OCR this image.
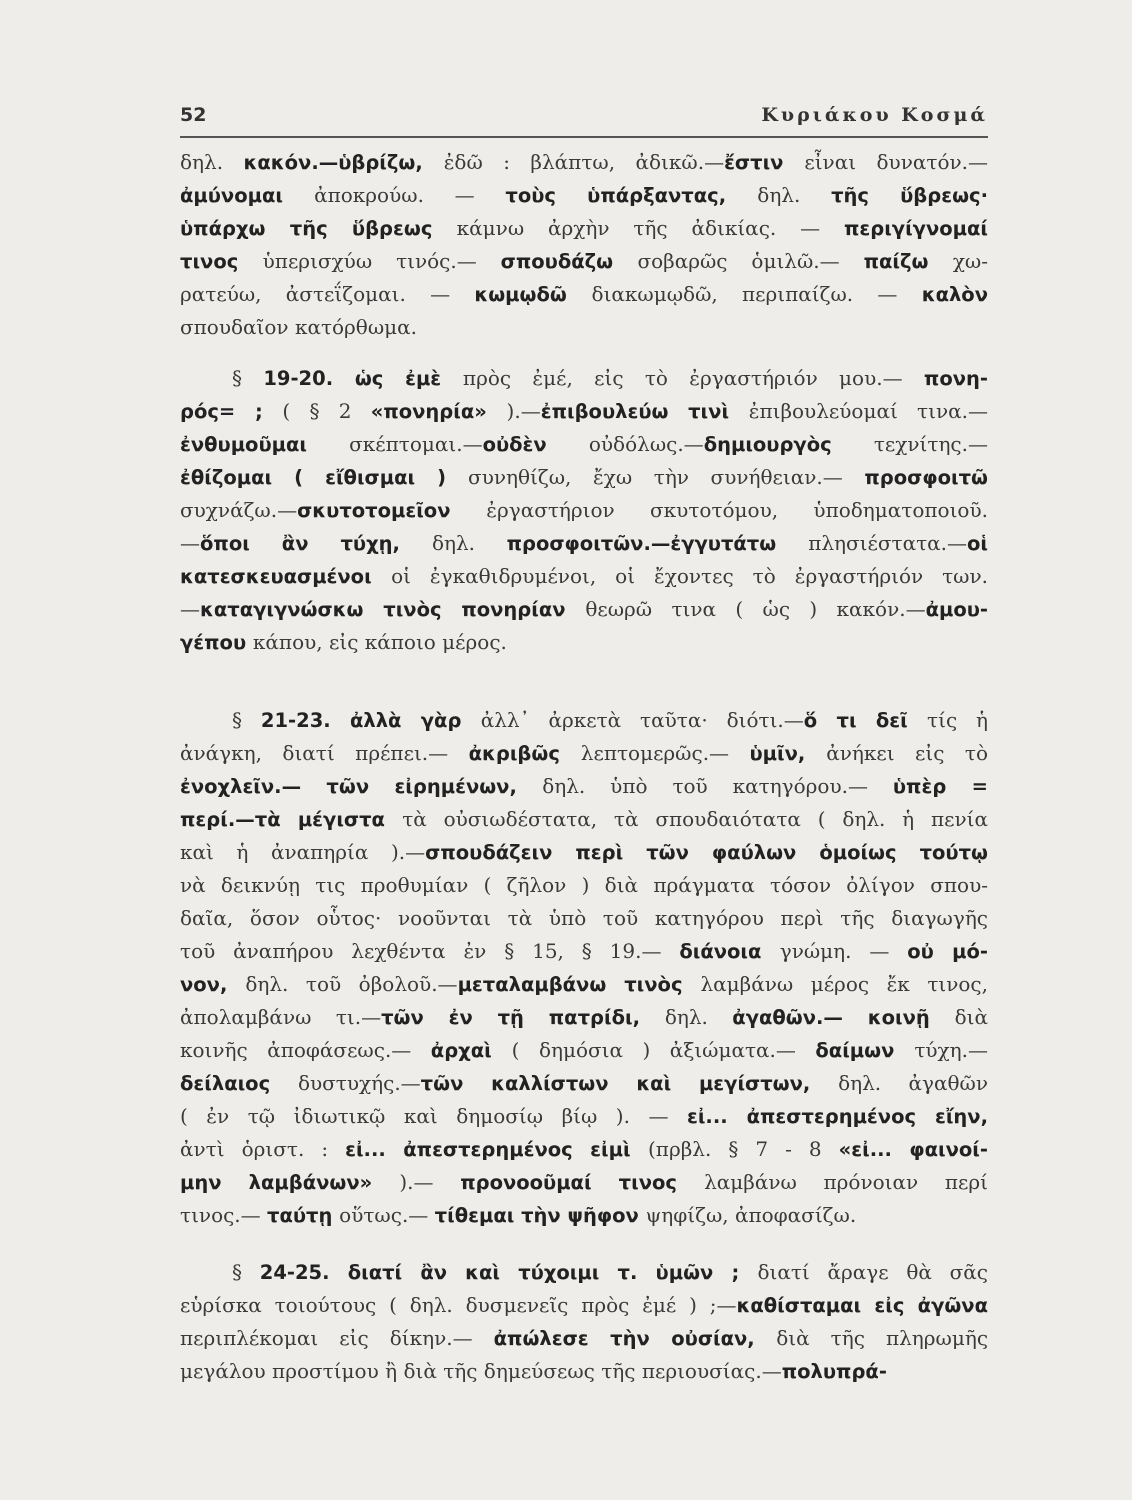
52	Κυριάκου Κοσμά
δηλ. κακόν.—ὑβρίζω, ἐδῶ : βλάπτω, ἀδικῶ.—ἔστιν εἶναι δυνατόν.—
ἀμύνομαι ἀποκρούω. — τοὺς ὑπάρξαντας, δηλ. τῆς ὕβρεως·
ὑπάρχω τῆς ὕβρεως κάμνω ἀρχὴν τῆς ἀδικίας. — περιγίγνομαί
τινος ὑπερισχύω τινός.— σπουδάζω σοβαρῶς ὁμιλῶ.— παίζω χω-
ρατεύω, ἀστεΐζομαι. — κωμῳδῶ διακωμῳδῶ, περιπαίζω. — καλὸν
σπουδαῖον κατόρθωμα.
§ 19-20. ὡς ἐμὲ πρὸς ἐμέ, εἰς τὸ ἐργαστήριόν μου.— πονη-
ρός= ; ( § 2 «πονηρία» ).—ἐπιβουλεύω τινὶ ἐπιβουλεύομαί τινα.—
ἐνθυμοῦμαι σκέπτομαι.—οὐδὲν οὐδόλως.—δημιουργὸς τεχνίτης.—
ἐθίζομαι ( εἴθισμαι ) συνηθίζω, ἔχω τὴν συνήθειαν.— προσφοιτῶ
συχνάζω.—σκυτοτομεῖον ἐργαστήριον σκυτοτόμου, ὑποδηματοποιοῦ.
—ὅποι ἂν τύχῃ, δηλ. προσφοιτῶν.—ἐγγυτάτω πλησιέστατα.—οἱ
κατεσκευασμένοι οἱ ἐγκαθιδρυμένοι, οἱ ἔχοντες τὸ ἐργαστήριόν των.
—καταγιγνώσκω τινὸς πονηρίαν θεωρῶ τινα ( ὡς ) κακόν.—ἀμου-
γέπου κάπου, εἰς κάποιο μέρος.
§ 21-23. ἀλλὰ γὰρ ἀλλ᾽ ἀρκετὰ ταῦτα· διότι.—ὅ τι δεῖ τίς ἡ
ἀνάγκη, διατί πρέπει.— ἀκριβῶς λεπτομερῶς.— ὑμῖν, ἀνήκει εἰς τὸ
ἐνοχλεῖν.— τῶν εἰρημένων, δηλ. ὑπὸ τοῦ κατηγόρου.— ὑπὲρ =
περί.—τὰ μέγιστα τὰ οὐσιωδέστατα, τὰ σπουδαιότατα ( δηλ. ἡ πενία
καὶ ἡ ἀναπηρία ).—σπουδάζειν περὶ τῶν φαύλων ὁμοίως τούτῳ
νὰ δεικνύῃ τις προθυμίαν ( ζῆλον ) διὰ πράγματα τόσον ὀλίγον σπου-
δαῖα, ὅσον οὗτος· νοοῦνται τὰ ὑπὸ τοῦ κατηγόρου περὶ τῆς διαγωγῆς
τοῦ ἀναπήρου λεχθέντα ἐν § 15, § 19.— διάνοια γνώμη. — οὐ μό-
νον, δηλ. τοῦ ὀβολοῦ.—μεταλαμβάνω τινὸς λαμβάνω μέρος ἔκ τινος,
ἀπολαμβάνω τι.—τῶν ἐν τῇ πατρίδι, δηλ. ἀγαθῶν.— κοινῇ διὰ
κοινῆς ἀποφάσεως.— ἀρχαὶ ( δημόσια ) ἀξιώματα.— δαίμων τύχη.—
δείλαιος δυστυχής.—τῶν καλλίστων καὶ μεγίστων, δηλ. ἀγαθῶν
( ἐν τῷ ἰδιωτικῷ καὶ δημοσίῳ βίῳ ). — εἰ... ἀπεστερημένος εἴην,
ἀντὶ ὁριστ. : εἰ... ἀπεστερημένος εἰμὶ (πρβλ. § 7 - 8 «εἰ... φαινοί-
μην λαμβάνων» ).— προνοοῦμαί τινος λαμβάνω πρόνοιαν περί
τινος.— ταύτῃ οὕτως.— τίθεμαι τὴν ψῆφον ψηφίζω, ἀποφασίζω.
§ 24-25. διατί ἂν καὶ τύχοιμι τ. ὑμῶν ; διατί ἄραγε θὰ σᾶς
εὑρίσκα τοιούτους ( δηλ. δυσμενεῖς πρὸς ἐμέ ) ;—καθίσταμαι εἰς ἀγῶνα
περιπλέκομαι εἰς δίκην.— ἀπώλεσε τὴν οὐσίαν, διὰ τῆς πληρωμῆς
μεγάλου προστίμου ἢ διὰ τῆς δημεύσεως τῆς περιουσίας.—πολυπρά-
